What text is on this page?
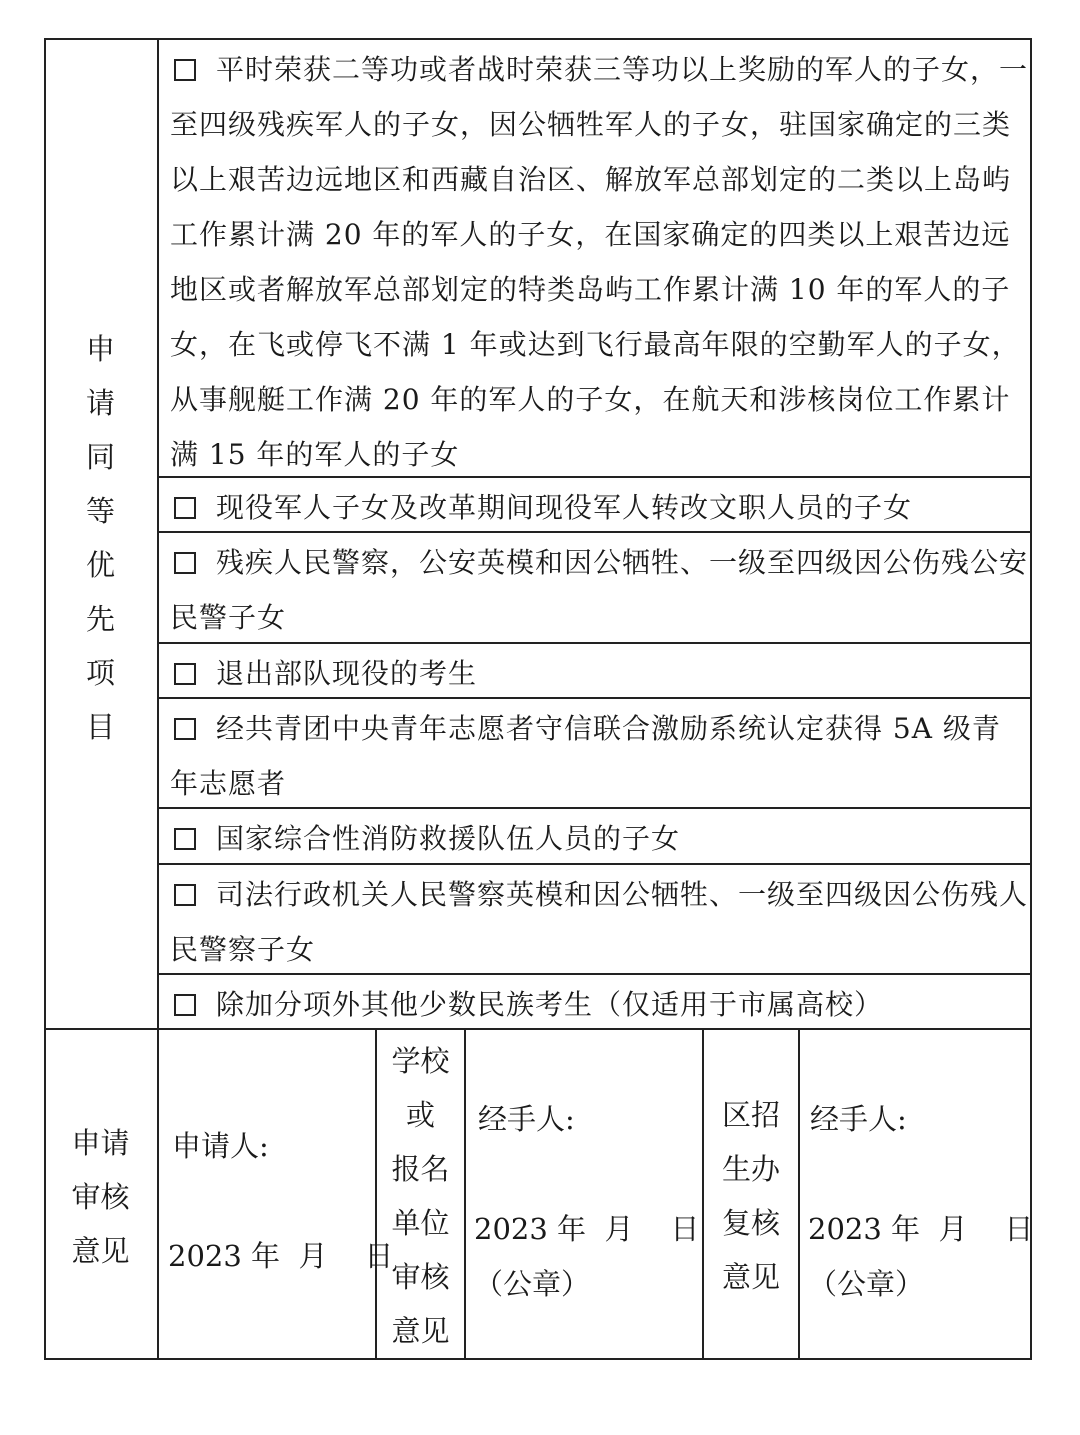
申
请
同
等
优
先
项
目
平时荣获二等功或者战时荣获三等功以上奖励的军人的子女，一至四级残疾军人的子女，因公牺牲军人的子女，驻国家确定的三类以上艰苦边远地区和西藏自治区、解放军总部划定的二类以上岛屿工作累计满 20 年的军人的子女，在国家确定的四类以上艰苦边远地区或者解放军总部划定的特类岛屿工作累计满 10 年的军人的子女，在飞或停飞不满 1 年或达到飞行最高年限的空勤军人的子女，从事舰艇工作满 20 年的军人的子女，在航天和涉核岗位工作累计满 15 年的军人的子女
现役军人子女及改革期间现役军人转改文职人员的子女
残疾人民警察，公安英模和因公牺牲、一级至四级因公伤残公安民警子女
退出部队现役的考生
经共青团中央青年志愿者守信联合激励系统认定获得 5A 级青年志愿者
国家综合性消防救援队伍人员的子女
司法行政机关人民警察英模和因公牺牲、一级至四级因公伤残人民警察子女
除加分项外其他少数民族考生（仅适用于市属高校）
申请
审核
意见
申请人:
2023 年  月    日
学校
或
报名
单位
审核
意见
经手人:
2023 年  月    日
（公章）
区招
生办
复核
意见
经手人:
2023 年  月    日
（公章）
